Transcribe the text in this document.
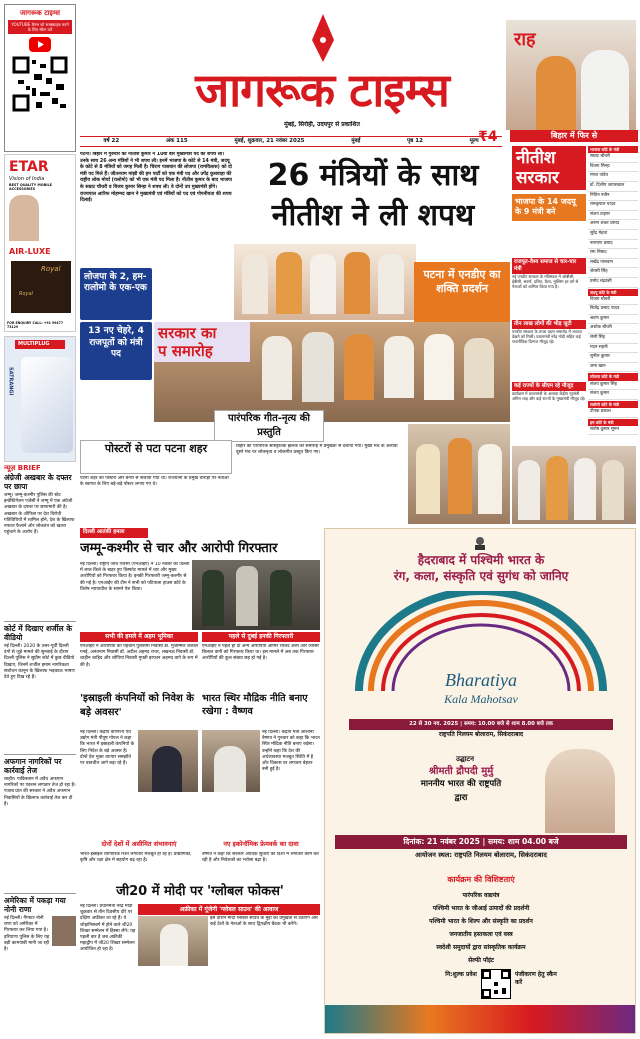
जागरूक टाइम्स
YOUTUBE चैनल को सबस्क्राइब करने के लिए स्कैन करें
जागरूक टाइम्स
मुंबई, सिरोही, उदयपुर से प्रकाशित
वर्ष 22	अंक 115	मुंबई, शुक्रवार, 21 नवंबर 2025	मुंबई	पृष्ठ 12	मूल्य ₹4
राह
बिहार में फिर से
ETAR
Vision of India
BEST QUALITY MOBILE ACCESSORIES
AIR-LUXE
Royal
Royal
FOR ENQUIRY CALL: +91 99477 73129
MULTIPLUG
SATRANGI
न्यूज़ BRIEF
अंग्रेजी अखबार के दफ्तर पर छापा
जम्मू। जम्मू-कश्मीर पुलिस की स्टेट इन्वेस्टिगेशन एजेंसी ने जम्मू में एक अंग्रेजी अखबार के दफ्तर पर छापामारी की है। अखबार के ऑफिस पर देश विरोधी गतिविधियों में शामिल होने, देश के खिलाफ नफरत फैलाने और लोकतंत्र को खतरा पहुंचाने के आरोप हैं।
कोर्ट में दिखाए शर्जील के वीडियो
नई दिल्ली। 2020 के उत्तर-पूर्वी दिल्ली दंगों से जुड़े मामले की सुनवाई के दौरान दिल्ली पुलिस ने सुप्रीम कोर्ट में कुछ वीडियो दिखाए, जिनमें शर्जील इमाम नागरिकता संशोधन कानून के खिलाफ भड़काऊ भाषण देते हुए दिख रहे हैं।
अफगान नागरिकों पर कार्रवाई तेज
लाहौर। पाकिस्तान में अवैध अफगान नागरिकों पर एक्शन लगातार तेज हो रहा है। पंजाब प्रांत की सरकार ने अवैध अफगान निवासियों के खिलाफ कार्रवाई तेज कर दी है।
अमेरिका में पकड़ा गया नोनी राणा
नई दिल्ली। गैंगस्टर नोनी राणा को अमेरिका में गिरफ्तार कर लिया गया है। हरियाणा पुलिस के लिए यह बड़ी कामयाबी मानी जा रही है।
पटना। बिहार में गुरुवार को नीतीश कुमार ने 10वीं बार मुख्यमंत्री पद की शपथ ली। उनके साथ 26 अन्य मंत्रियों ने भी शपथ ली। इनमें भाजपा के कोटे से 14 मंत्री, जदयू के कोटे से 8 मंत्रियों को जगह मिली है। चिराग पासवान की लोजपा (रामविलास) को दो मंत्री पद मिले हैं। जीतनराम मांझी की हम पार्टी को एक मंत्री पद और उपेंद्र कुशवाहा की राष्ट्रीय लोक मोर्चा (रालोमो) को भी एक मंत्री पद मिला है। नीतीश कुमार के बाद भाजपा के सम्राट चौधरी व विजय कुमार सिन्हा ने शपथ ली। वे दोनों उप मुख्यमंत्री होंगे। राज्यपाल आरिफ मोहम्मद खान ने मुख्यमंत्री एवं मंत्रियों को पद एवं गोपनीयता की शपथ दिलाई।
26 मंत्रियों के साथ
नीतीश ने ली शपथ
पटना में एनडीए का शक्ति प्रदर्शन
लोजपा के 2, हम-रालोमो के एक-एक
13 नए चेहरे, 4 राजपूतों को मंत्री पद
सरकार का
प समारोह
पारंपरिक गीत-नृत्य की प्रस्तुति
पोस्टरों से पटा पटना शहर
पटना शहर को पोस्टरों और बैनरों से सजाया गया था। राजधानी के प्रमुख चौराहों पर नेताओं के स्वागत के लिए बड़े-बड़े पोस्टर लगाए गए थे।
बिहार की पारंपरिक सांस्कृतिक झलक को समारोह में प्रमुखता से दर्शाया गया। मुख्य मंच के अलावा दूसरे मंच पर लोकनृत्य व लोकगीत प्रस्तुत किए गए।
नीतीश
सरकार
भाजपा के 14 जदयू के 9 मंत्री बने
भाजपा कोटे के मंत्री
सम्राट चौधरी
विजय सिन्हा
मंगल पांडेय
डॉ. दिलीप जायसवाल
नितिन नवीन
रामकृपाल यादव
संजय टाइगर
अरुण शंकर प्रसाद
सुरेंद्र मेहता
नारायण प्रसाद
रमा निषाद
लखेंद्र पासवान
श्रेयसी सिंह
प्रमोद चंद्रवंशी
जदयू कोटे के मंत्री
विजय चौधरी
बिजेंद्र प्रसाद यादव
श्रवण कुमार
अशोक चौधरी
लेसी सिंह
मदन सहनी
सुनील कुमार
जमा खान
लोजपा कोटे के मंत्री
संजय कुमार सिंह
संजय कुमार
रालोमो कोटे के मंत्री
दीपक प्रकाश
हम कोटे के मंत्री
संतोष कुमार सुमन
राजपूत-वैश्य समाज से चार-चार मंत्री
नई एनडीए सरकार के मंत्रिमंडल में ओबीसी, ईबीसी, सवर्ण, दलित, वैश्य, मुस्लिम हर वर्ग से नेताओं को शामिल किया गया है।
तीन लाख लोगों की भीड़ जुटी
एनडीए सरकार के शपथ ग्रहण समारोह में भव्यता देखने को मिली। प्रधानमंत्री नरेंद्र मोदी सहित कई राजनीतिक दिग्गज मौजूद रहे।
कई राज्यों के सीएम रहे मौजूद
कार्यक्रम में प्रधानमंत्री के अलावा केंद्रीय गृहमंत्री अमित शाह और कई राज्यों के मुख्यमंत्री मौजूद रहे।
दिल्ली आतंकी हमला
जम्मू-कश्मीर से चार और आरोपी गिरफ्तार
नई दिल्ली। राष्ट्रीय जांच एजेंसी (एनआईए) ने 10 नवंबर को दिल्ली में लाल किले के बाहर हुए विस्फोट मामले में चार और मुख्य आरोपियों को गिरफ्तार किया है। इनकी गिरफ्तारी जम्मू-कश्मीर से की गई है। एनआईए की टीम ने सभी को पटियाला हाउस कोर्ट के विशेष न्यायाधीश के सामने पेश किया।
सभी की हमले में अहम भूमिका
एनआईए ने आरोपियों की पहचान पुलवामा निवासी डॉ. मुजम्मिल शकील गनई, अनंतनाग निवासी डॉ. अदील अहमद राथर, लखनऊ निवासी डॉ. शाहीन शाहिद और शोपियां निवासी मुफ्ती इरफान अहमद वागे के रूप में की है।
पहले से दुबई इनकी गिरफ्तारी
एनआईए ने पहले ही दो अन्य आरोपियों आमिर राशिद अली और जासिर बिलाल वानी को गिरफ्तार किया था। इस मामले में अब तक गिरफ्तार आरोपियों की कुल संख्या छह हो गई है।
'इस्राइली कंपनियों को निवेश के बड़े अवसर'
नई दिल्ली। केंद्रीय वाणिज्य एवं उद्योग मंत्री पीयूष गोयल ने कहा कि भारत में इस्राइली कंपनियों के लिए निवेश के बड़े अवसर हैं। दोनों देश मुक्त व्यापार समझौते पर बातचीत आगे बढ़ा रहे हैं।
दोनों देशों में असीमित संभावनाएं
भारत-इस्राइल व्यापारिक रिश्ते लगातार मजबूत हो रहे हैं। प्रौद्योगिकी, कृषि और रक्षा क्षेत्र में सहयोग बढ़ रहा है।
भारत स्थिर मौद्रिक नीति बनाए रखेगा : वैष्णव
नई दिल्ली। केंद्रीय मंत्री अश्विनी वैष्णव ने गुरुवार को कहा कि भारत स्थिर मौद्रिक नीति बनाए रखेगा। उन्होंने कहा कि देश की अर्थव्यवस्था मजबूत स्थिति में है और विकास दर लगातार बेहतर बनी हुई है।
नए इकोनॉमिक फ्रेमवर्क का दावा
वैष्णव ने कहा कि सरकार आर्थिक सुधारों की दिशा में लगातार काम कर रही है और निवेशकों का भरोसा बढ़ा है।
जी20 में मोदी पर 'ग्लोबल फोकस'
नई दिल्ली। प्रधानमंत्री नरेंद्र मोदी शुक्रवार से तीन दिवसीय दौरे पर दक्षिण अफ्रीका जा रहे हैं। वे जोहानिसबर्ग में होने वाले जी20 शिखर सम्मेलन में हिस्सा लेंगे। यह पहली बार है जब अफ्रीकी महाद्वीप में जी20 शिखर सम्मेलन आयोजित हो रहा है।
अफ्रीका में गूंजेगी 'ग्लोबल साउथ' की आवाज
इस दौरान मोदी ग्लोबल साउथ के मुद्दों को प्रमुखता से उठाएंगे और कई देशों के नेताओं के साथ द्विपक्षीय बैठक भी करेंगे।
हैदराबाद में पश्चिमी भारत के
रंग, कला, संस्कृति एवं सुगंध को जानिए
Bharatiya
Kala Mahotsav
22 से 30 नव. 2025 | समय: 10.00 बजे से शाम 8.00 बजे तक
राष्ट्रपति निलयम बोलाराम, सिकंदराबाद
उद्घाटन
श्रीमती द्रौपदी मुर्मु
माननीय भारत की राष्ट्रपति
द्वारा
दिनांक: 21 नवंबर 2025 | समय: शाम 04.00 बजे
आयोजन स्थल: राष्ट्रपति निलयम बोलाराम, सिकंदराबाद
कार्यक्रम की विशिष्टताएं
पारंपरिक वाद्ययंत्र
पश्चिमी भारत के जीआई उत्पादों की प्रदर्शनी
पश्चिमी भारत के शिल्प और संस्कृति का प्रदर्शन
जनजातीय हस्तकला एवं वस्त्र
स्वदेशी समुदायों द्वारा सांस्कृतिक कार्यक्रम
सेल्फी पॉइंट
नि:शुल्क प्रवेश	पंजीकरण हेतु स्कैन करें
